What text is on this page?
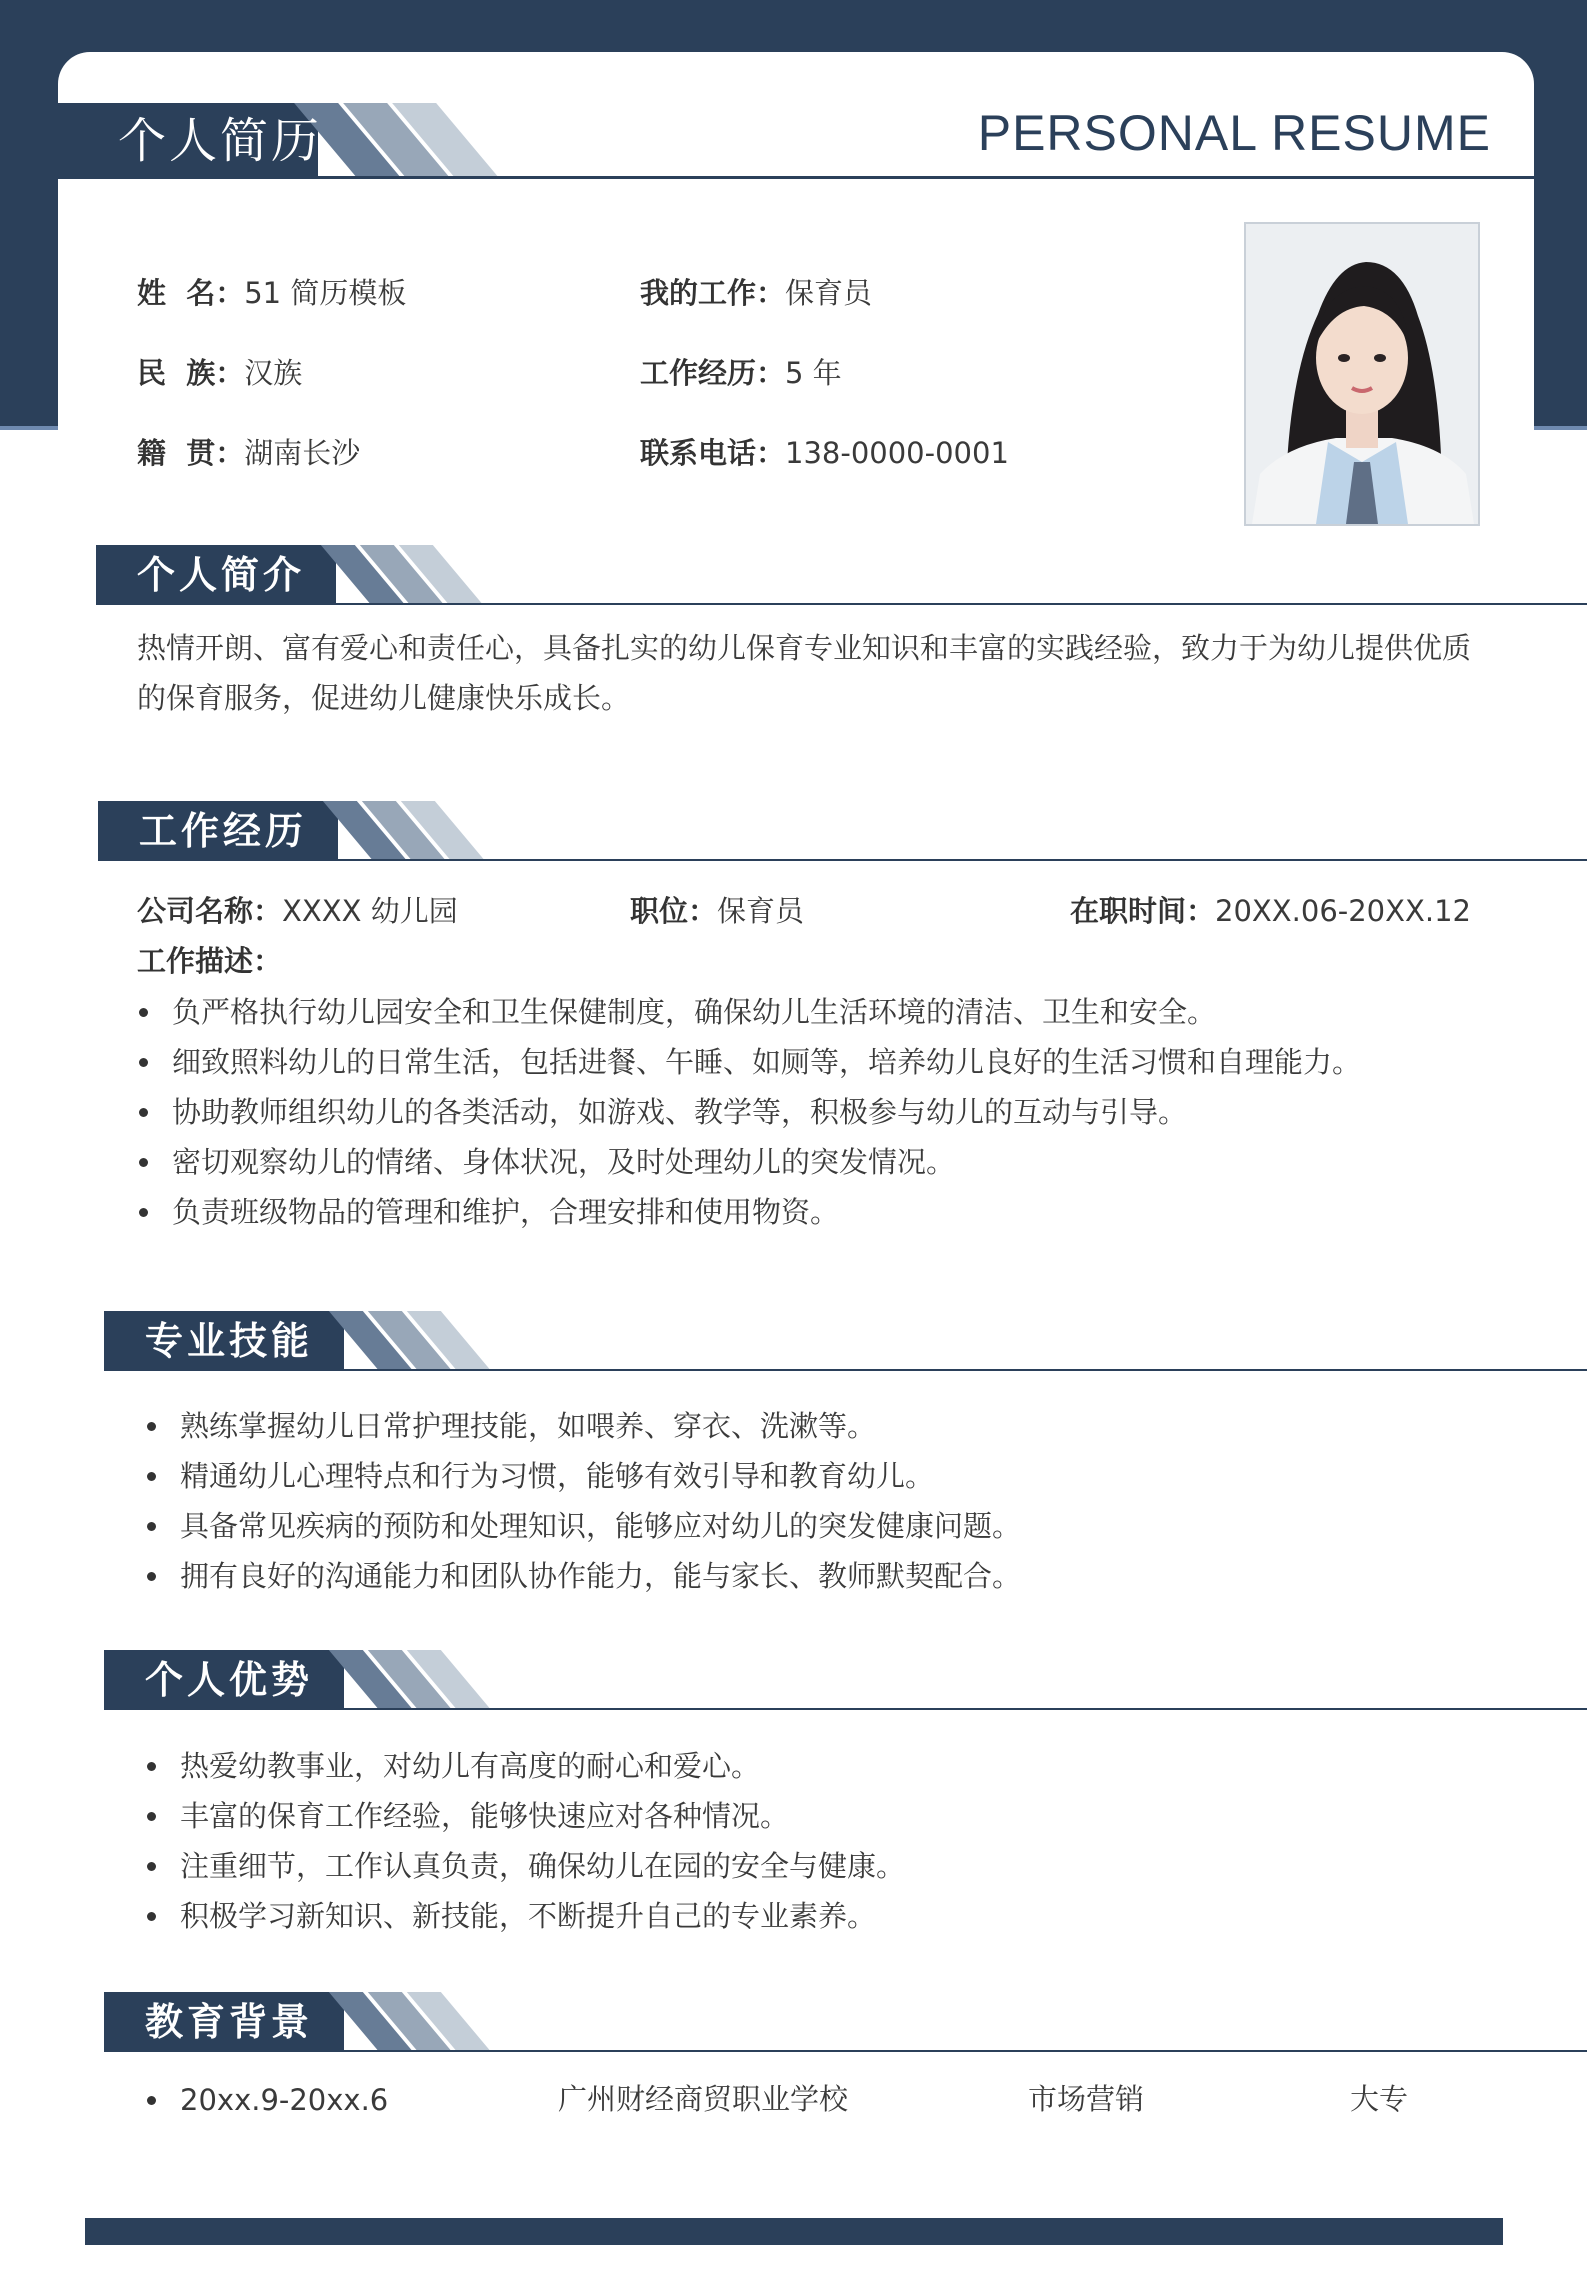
个人简历	PERSONAL RESUME
姓  名：51 简历模板
民  族：汉族
籍  贯：湖南长沙
我的工作：保育员
工作经历：5 年
联系电话：138-0000-0001
个人简介
热情开朗、富有爱心和责任心，具备扎实的幼儿保育专业知识和丰富的实践经验，致力于为幼儿提供优质的保育服务，促进幼儿健康快乐成长。
工作经历
公司名称：XXXX 幼儿园	职位：保育员	在职时间：20XX.06-20XX.12
工作描述：
负严格执行幼儿园安全和卫生保健制度，确保幼儿生活环境的清洁、卫生和安全。
细致照料幼儿的日常生活，包括进餐、午睡、如厕等，培养幼儿良好的生活习惯和自理能力。
协助教师组织幼儿的各类活动，如游戏、教学等，积极参与幼儿的互动与引导。
密切观察幼儿的情绪、身体状况，及时处理幼儿的突发情况。
负责班级物品的管理和维护，合理安排和使用物资。
专业技能
熟练掌握幼儿日常护理技能，如喂养、穿衣、洗漱等。
精通幼儿心理特点和行为习惯，能够有效引导和教育幼儿。
具备常见疾病的预防和处理知识，能够应对幼儿的突发健康问题。
拥有良好的沟通能力和团队协作能力，能与家长、教师默契配合。
个人优势
热爱幼教事业，对幼儿有高度的耐心和爱心。
丰富的保育工作经验，能够快速应对各种情况。
注重细节，工作认真负责，确保幼儿在园的安全与健康。
积极学习新知识、新技能，不断提升自己的专业素养。
教育背景
20xx.9-20xx.6	广州财经商贸职业学校	市场营销	大专
